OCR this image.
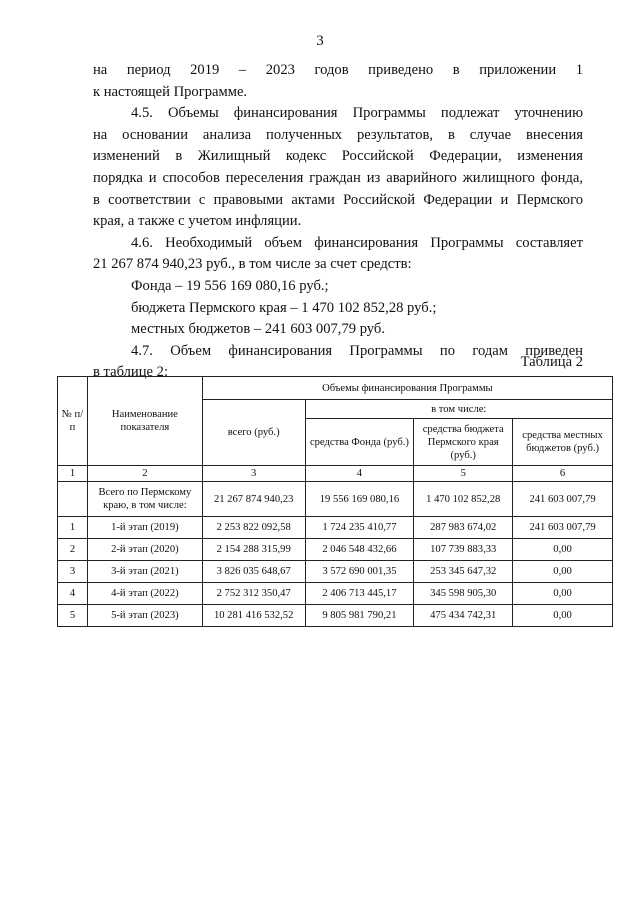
3

на период 2019 – 2023 годов приведено в приложении 1

к настоящей Программе.

4.5. Объемы финансирования Программы подлежат уточнению

на основании анализа полученных результатов, в случае внесения

изменений в Жилищный кодекс Российской Федерации, изменения

порядка и способов переселения граждан из аварийного жилищного фонда,

в соответствии с правовыми актами Российской Федерации и Пермского

края, а также с учетом инфляции.

4.6. Необходимый объем финансирования Программы составляет

21 267 874 940,23 руб., в том числе за счет средств:

Фонда – 19 556 169 080,16 руб.;

бюджета Пермского края – 1 470 102 852,28 руб.;

местных бюджетов – 241 603 007,79 руб.

4.7. Объем финансирования Программы по годам приведен

в таблице 2:

Таблица 2
№ п/п	Наименование показателя	Объемы финансирования Программы			
		всего (руб.)	в том числе:		
			средства Фонда (руб.)	средства бюджета Пермского края (руб.)	средства местных бюджетов (руб.)
1	2	3	4	5	6
	Всего по Пермскому краю, в том числе:	21 267 874 940,23	19 556 169 080,16	1 470 102 852,28	241 603 007,79
1	1-й этап (2019)	2 253 822 092,58	1 724 235 410,77	287 983 674,02	241 603 007,79
2	2-й этап (2020)	2 154 288 315,99	2 046 548 432,66	107 739 883,33	0,00
3	3-й этап (2021)	3 826 035 648,67	3 572 690 001,35	253 345 647,32	0,00
4	4-й этап (2022)	2 752 312 350,47	2 406 713 445,17	345 598 905,30	0,00
5	5-й этап (2023)	10 281 416 532,52	9 805 981 790,21	475 434 742,31	0,00
